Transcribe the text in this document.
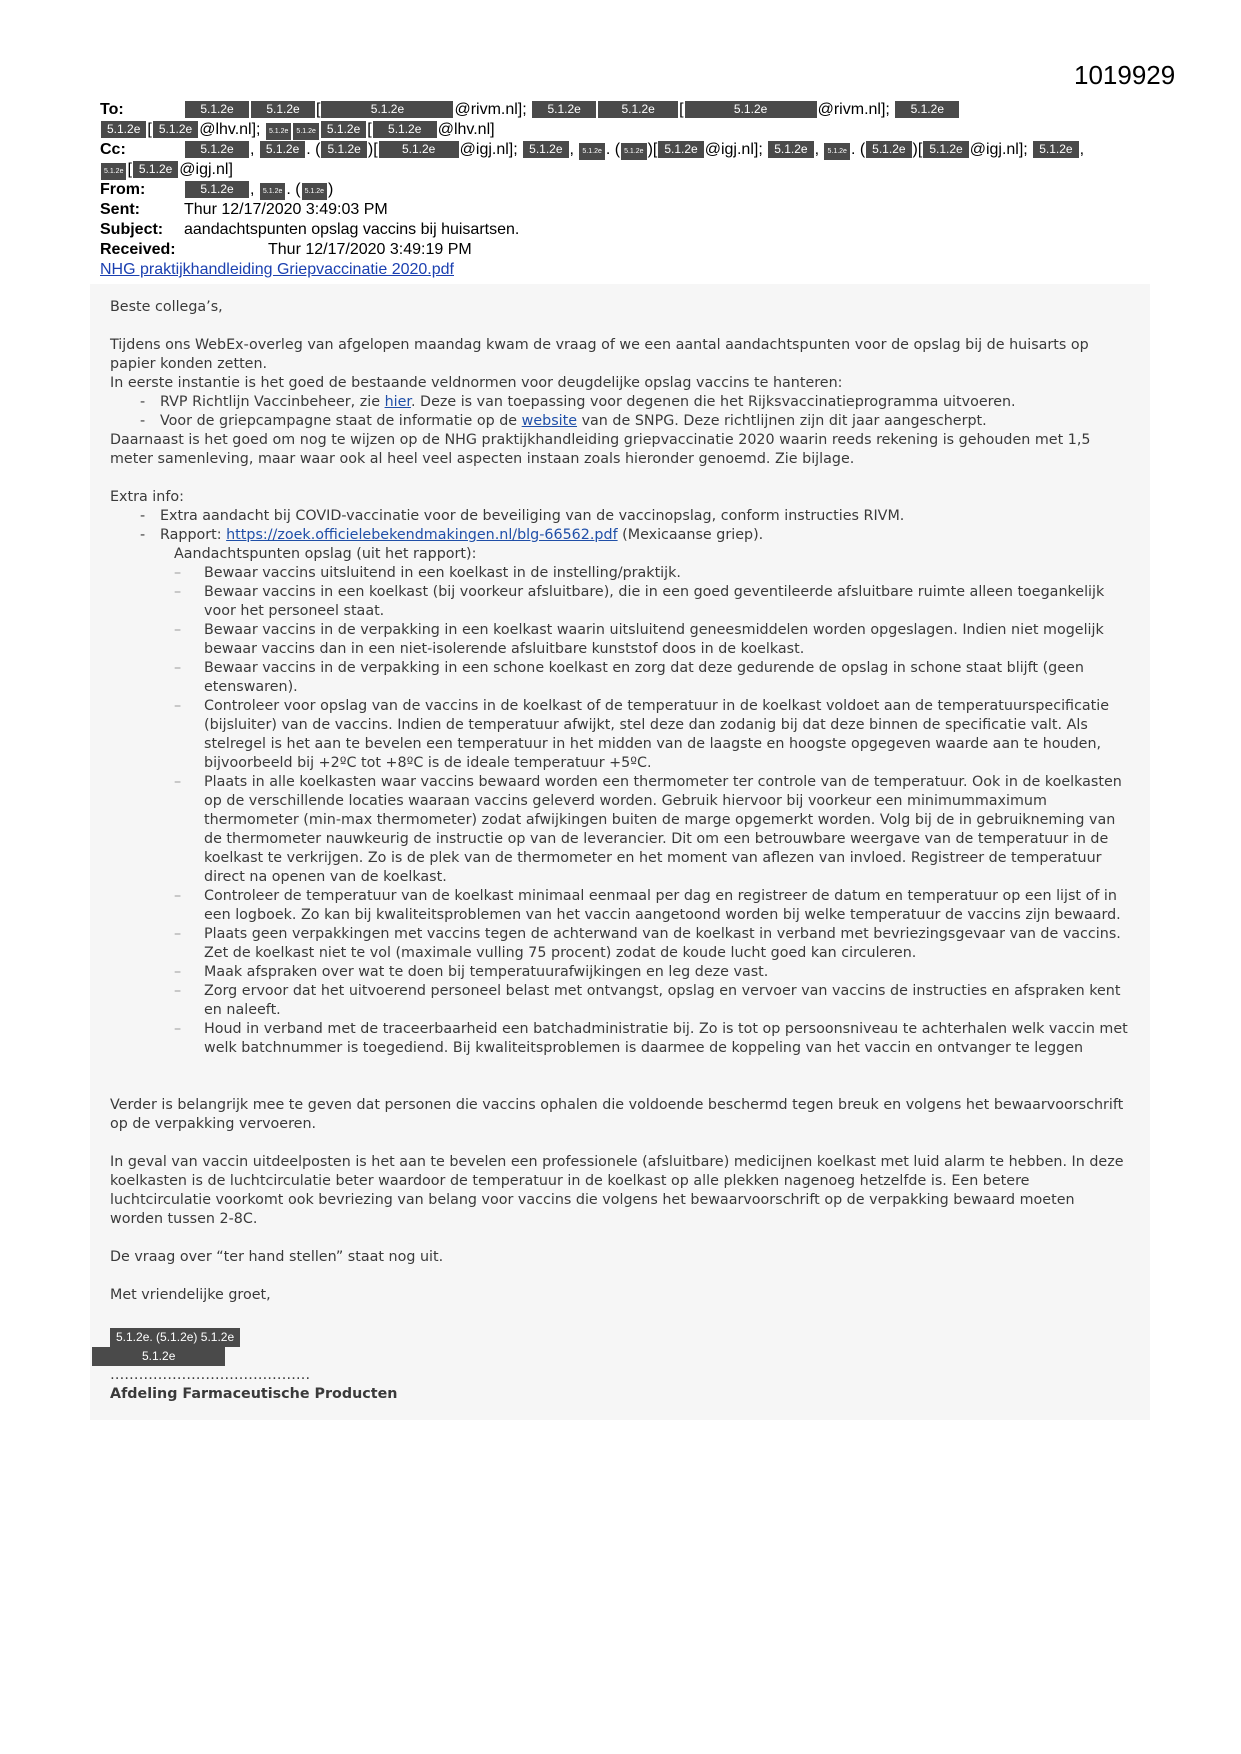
1019929
To:	5.1.2e	5.1.2e [	5.1.2e	@rivm.nl]; 5.1.2e	5.1.2e [	5.1.2e	@rivm.nl]; 5.1.2e
5.1.2e [ 5.1.2e @lhv.nl]; 5.1.2e 5.1.2e 5.1.2e [ 5.1.2e @lhv.nl]
Cc:	5.1.2e , 5.1.2e . ( 5.1.2e )[ 5.1.2e @igj.nl]; 5.1.2e , 5.1.2e . ( 5.1.2e )[ 5.1.2e @igj.nl]; 5.1.2e , 5.1.2e . ( 5.1.2e )[ 5.1.2e @igj.nl]; 5.1.2e ,
5.1.2e [ 5.1.2e @igj.nl]
From:	5.1.2e , 5.1.2e . ( 5.1.2e )
Sent:	Thur 12/17/2020 3:49:03 PM
Subject: aandachtspunten opslag vaccins bij huisartsen.
Received:	Thur 12/17/2020 3:49:19 PM
NHG praktijkhandleiding Griepvaccinatie 2020.pdf

Beste collega’s,

Tijdens ons WebEx-overleg van afgelopen maandag kwam de vraag of we een aantal aandachtspunten voor de opslag bij de huisarts op papier konden zetten.

In eerste instantie is het goed de bestaande veldnormen voor deugdelijke opslag vaccins te hanteren:

- RVP Richtlijn Vaccinbeheer, zie hier. Deze is van toepassing voor degenen die het Rijksvaccinatieprogramma uitvoeren.
- Voor de griepcampagne staat de informatie op de website van de SNPG. Deze richtlijnen zijn dit jaar aangescherpt.

Daarnaast is het goed om nog te wijzen op de NHG praktijkhandleiding griepvaccinatie 2020 waarin reeds rekening is gehouden met 1,5 meter samenleving, maar waar ook al heel veel aspecten instaan zoals hieronder genoemd. Zie bijlage.

Extra info:

- Extra aandacht bij COVID-vaccinatie voor de beveiliging van de vaccinopslag, conform instructies RIVM.
- Rapport: https://zoek.officielebekendmakingen.nl/blg-66562.pdf (Mexicaanse griep).

Aandachtspunten opslag (uit het rapport):

– Bewaar vaccins uitsluitend in een koelkast in de instelling/praktijk.
– Bewaar vaccins in een koelkast (bij voorkeur afsluitbare), die in een goed geventileerde afsluitbare ruimte alleen toegankelijk voor het personeel staat.
– Bewaar vaccins in de verpakking in een koelkast waarin uitsluitend geneesmiddelen worden opgeslagen. Indien niet mogelijk bewaar vaccins dan in een niet-isolerende afsluitbare kunststof doos in de koelkast.
– Bewaar vaccins in de verpakking in een schone koelkast en zorg dat deze gedurende de opslag in schone staat blijft (geen etenswaren).
– Controleer voor opslag van de vaccins in de koelkast of de temperatuur in de koelkast voldoet aan de temperatuurspecificatie (bijsluiter) van de vaccins. Indien de temperatuur afwijkt, stel deze dan zodanig bij dat deze binnen de specificatie valt. Als stelregel is het aan te bevelen een temperatuur in het midden van de laagste en hoogste opgegeven waarde aan te houden, bijvoorbeeld bij +2ºC tot +8ºC is de ideale temperatuur +5ºC.
– Plaats in alle koelkasten waar vaccins bewaard worden een thermometer ter controle van de temperatuur. Ook in de koelkasten op de verschillende locaties waaraan vaccins geleverd worden. Gebruik hiervoor bij voorkeur een minimummaximum thermometer (min-max thermometer) zodat afwijkingen buiten de marge opgemerkt worden. Volg bij de in gebruikneming van de thermometer nauwkeurig de instructie op van de leverancier. Dit om een betrouwbare weergave van de temperatuur in de koelkast te verkrijgen. Zo is de plek van de thermometer en het moment van aflezen van invloed. Registreer de temperatuur direct na openen van de koelkast.
– Controleer de temperatuur van de koelkast minimaal eenmaal per dag en registreer de datum en temperatuur op een lijst of in een logboek. Zo kan bij kwaliteitsproblemen van het vaccin aangetoond worden bij welke temperatuur de vaccins zijn bewaard.
– Plaats geen verpakkingen met vaccins tegen de achterwand van de koelkast in verband met bevriezingsgevaar van de vaccins. Zet de koelkast niet te vol (maximale vulling 75 procent) zodat de koude lucht goed kan circuleren.
– Maak afspraken over wat te doen bij temperatuurafwijkingen en leg deze vast.
– Zorg ervoor dat het uitvoerend personeel belast met ontvangst, opslag en vervoer van vaccins de instructies en afspraken kent en naleeft.
– Houd in verband met de traceerbaarheid een batchadministratie bij. Zo is tot op persoonsniveau te achterhalen welk vaccin met welk batchnummer is toegediend. Bij kwaliteitsproblemen is daarmee de koppeling van het vaccin en ontvanger te leggen

Verder is belangrijk mee te geven dat personen die vaccins ophalen die voldoende beschermd tegen breuk en volgens het bewaarvoorschrift op de verpakking vervoeren.

In geval van vaccin uitdeelposten is het aan te bevelen een professionele (afsluitbare) medicijnen koelkast met luid alarm te hebben. In deze koelkasten is de luchtcirculatie beter waardoor de temperatuur in de koelkast op alle plekken nagenoeg hetzelfde is. Een betere luchtcirculatie voorkomt ook bevriezing van belang voor vaccins die volgens het bewaarvoorschrift op de verpakking bewaard moeten worden tussen 2-8C.

De vraag over “ter hand stellen” staat nog uit.

Met vriendelijke groet,

5.1.2e. (5.1.2e) 5.1.2e
5.1.2e

……………………………………

Afdeling Farmaceutische Producten
